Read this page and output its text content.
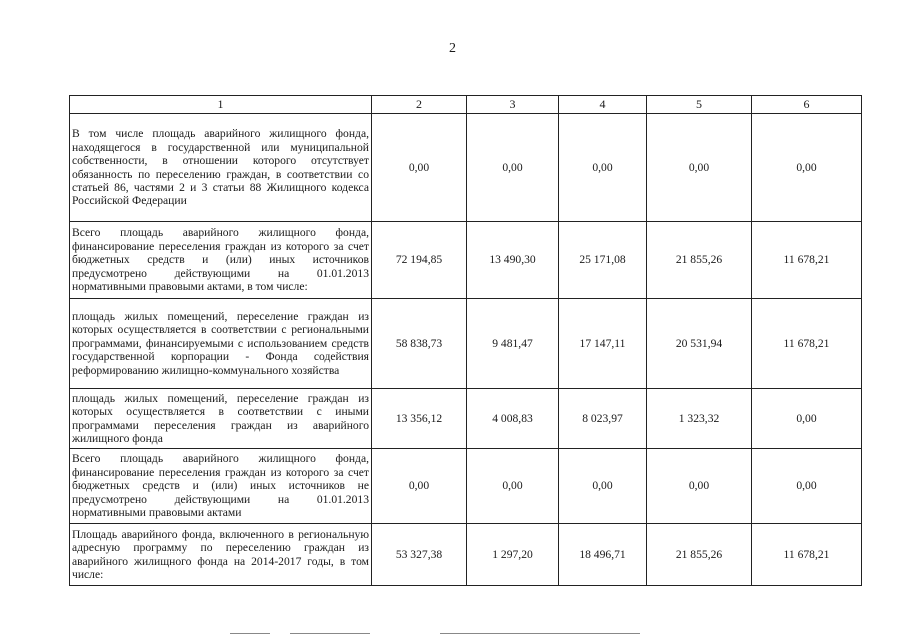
2
1	2	3	4	5	6
В том числе площадь аварийного жилищного фонда, находящегося в государственной или муниципальной собственности, в отношении которого отсутствует обязанность по переселению граждан, в соответствии со статьей 86, частями 2 и 3 статьи 88 Жилищного кодекса Российской Федерации	0,00	0,00	0,00	0,00	0,00
Всего площадь аварийного жилищного фонда, финансирование переселения граждан из которого за счет бюджетных средств и (или) иных источников предусмотрено действующими на 01.01.2013 нормативными правовыми актами, в том числе:	72 194,85	13 490,30	25 171,08	21 855,26	11 678,21
площадь жилых помещений, переселение граждан из которых осуществляется в соответствии с региональными программами, финансируемыми с использованием средств государственной корпорации - Фонда содействия реформированию жилищно-коммунального хозяйства	58 838,73	9 481,47	17 147,11	20 531,94	11 678,21
площадь жилых помещений, переселение граждан из которых осуществляется в соответствии с иными программами переселения граждан из аварийного жилищного фонда	13 356,12	4 008,83	8 023,97	1 323,32	0,00
Всего площадь аварийного жилищного фонда, финансирование переселения граждан из которого за счет бюджетных средств и (или) иных источников не предусмотрено действующими на 01.01.2013 нормативными правовыми актами	0,00	0,00	0,00	0,00	0,00
Площадь аварийного фонда, включенного в региональную адресную программу по переселению граждан из аварийного жилищного фонда на 2014-2017 годы, в том числе:	53 327,38	1 297,20	18 496,71	21 855,26	11 678,21
